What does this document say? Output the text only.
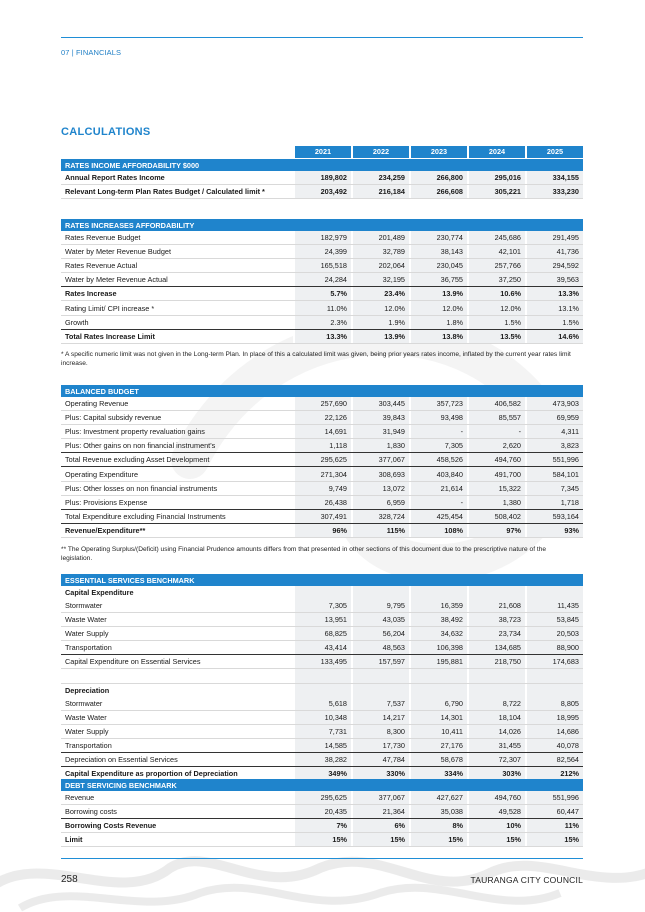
07 | FINANCIALS
CALCULATIONS
2021	2022	2023	2024	2025
RATES INCOME AFFORDABILITY $000
Annual Report Rates Income	189,802	234,259	266,800	295,016	334,155
Relevant Long-term Plan Rates Budget / Calculated limit *	203,492	216,184	266,608	305,221	333,230
RATES INCREASES AFFORDABILITY
Rates Revenue Budget	182,979	201,489	230,774	245,686	291,495
Water by Meter Revenue Budget	24,399	32,789	38,143	42,101	41,736
Rates Revenue Actual	165,518	202,064	230,045	257,766	294,592
Water by Meter Revenue Actual	24,284	32,195	36,755	37,250	39,563
Rates Increase	5.7%	23.4%	13.9%	10.6%	13.3%
Rating Limit/ CPI increase *	11.0%	12.0%	12.0%	12.0%	13.1%
Growth	2.3%	1.9%	1.8%	1.5%	1.5%
Total Rates Increase Limit	13.3%	13.9%	13.8%	13.5%	14.6%
* A specific numeric limit was not given in the Long-term Plan. In place of this a calculated limit was given, being prior years rates income, inflated by the current year rates limit increase.
BALANCED BUDGET
Operating Revenue	257,690	303,445	357,723	406,582	473,903
Plus: Capital subsidy revenue	22,126	39,843	93,498	85,557	69,959
Plus: Investment property revaluation gains	14,691	31,949	-	-	4,311
Plus: Other gains on non financial instrument's	1,118	1,830	7,305	2,620	3,823
Total Revenue excluding Asset Development	295,625	377,067	458,526	494,760	551,996
Operating Expenditure	271,304	308,693	403,840	491,700	584,101
Plus: Other losses on non financial instruments	9,749	13,072	21,614	15,322	7,345
Plus: Provisions Expense	26,438	6,959	-	1,380	1,718
Total Expenditure excluding Financial Instruments	307,491	328,724	425,454	508,402	593,164
Revenue/Expenditure**	96%	115%	108%	97%	93%
** The Operating Surplus/(Deficit) using Financial Prudence amounts differs from that presented in other sections of this document due to the prescriptive nature of the legislation.
ESSENTIAL SERVICES BENCHMARK
Capital Expenditure
Stormwater	7,305	9,795	16,359	21,608	11,435
Waste Water	13,951	43,035	38,492	38,723	53,845
Water Supply	68,825	56,204	34,632	23,734	20,503
Transportation	43,414	48,563	106,398	134,685	88,900
Capital Expenditure on Essential Services	133,495	157,597	195,881	218,750	174,683
Depreciation
Stormwater	5,618	7,537	6,790	8,722	8,805
Waste Water	10,348	14,217	14,301	18,104	18,995
Water Supply	7,731	8,300	10,411	14,026	14,686
Transportation	14,585	17,730	27,176	31,455	40,078
Depreciation on Essential Services	38,282	47,784	58,678	72,307	82,564
Capital Expenditure as proportion of Depreciation	349%	330%	334%	303%	212%
DEBT SERVICING BENCHMARK
Revenue	295,625	377,067	427,627	494,760	551,996
Borrowing costs	20,435	21,364	35,038	49,528	60,447
Borrowing Costs Revenue	7%	6%	8%	10%	11%
Limit	15%	15%	15%	15%	15%
258	TAURANGA CITY COUNCIL
